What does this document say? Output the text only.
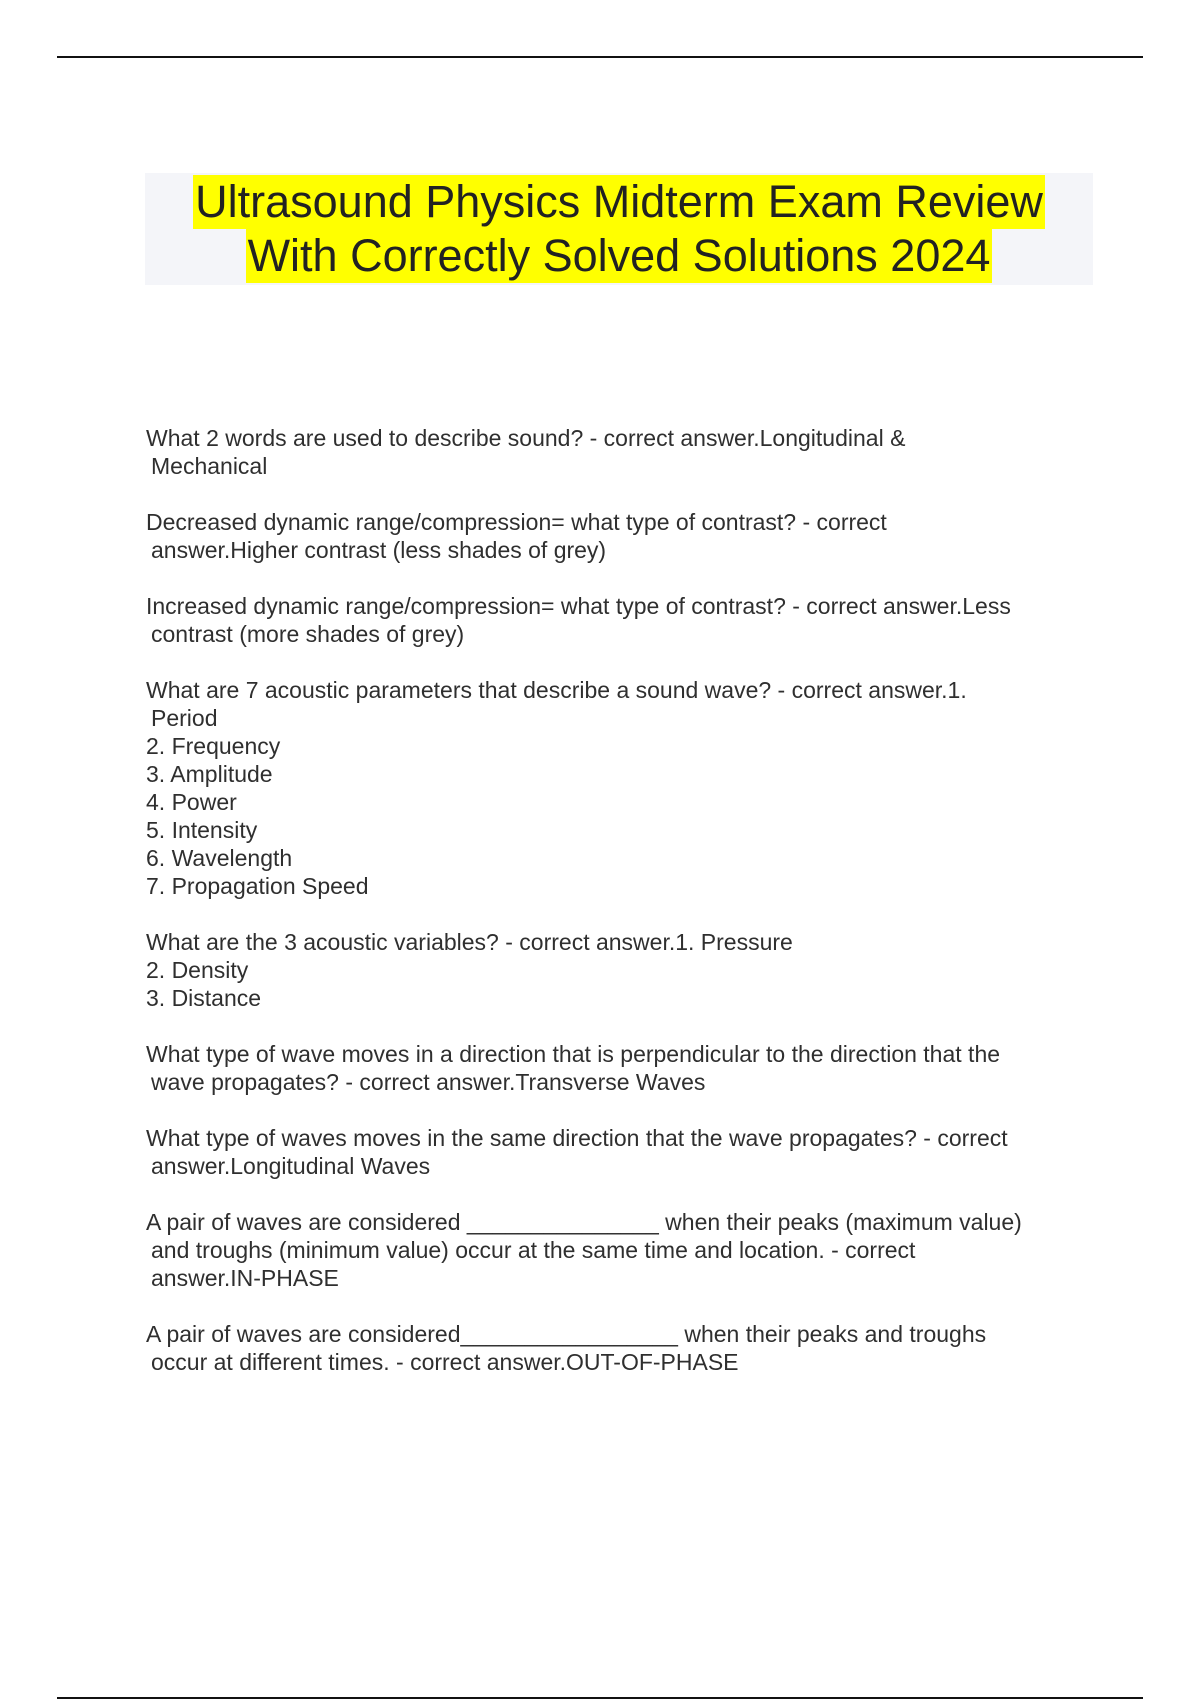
Ultrasound Physics Midterm Exam Review
With Correctly Solved Solutions 2024
What 2 words are used to describe sound? - correct answer.Longitudinal &
Mechanical
Decreased dynamic range/compression= what type of contrast? - correct
answer.Higher contrast (less shades of grey)
Increased dynamic range/compression= what type of contrast? - correct answer.Less
contrast (more shades of grey)
What are 7 acoustic parameters that describe a sound wave? - correct answer.1.
Period
2. Frequency
3. Amplitude
4. Power
5. Intensity
6. Wavelength
7. Propagation Speed
What are the 3 acoustic variables? - correct answer.1. Pressure
2. Density
3. Distance
What type of wave moves in a direction that is perpendicular to the direction that the
wave propagates? - correct answer.Transverse Waves
What type of waves moves in the same direction that the wave propagates? - correct
answer.Longitudinal Waves
A pair of waves are considered _______________ when their peaks (maximum value)
and troughs (minimum value) occur at the same time and location. - correct
answer.IN-PHASE
A pair of waves are considered_________________ when their peaks and troughs
occur at different times. - correct answer.OUT-OF-PHASE
